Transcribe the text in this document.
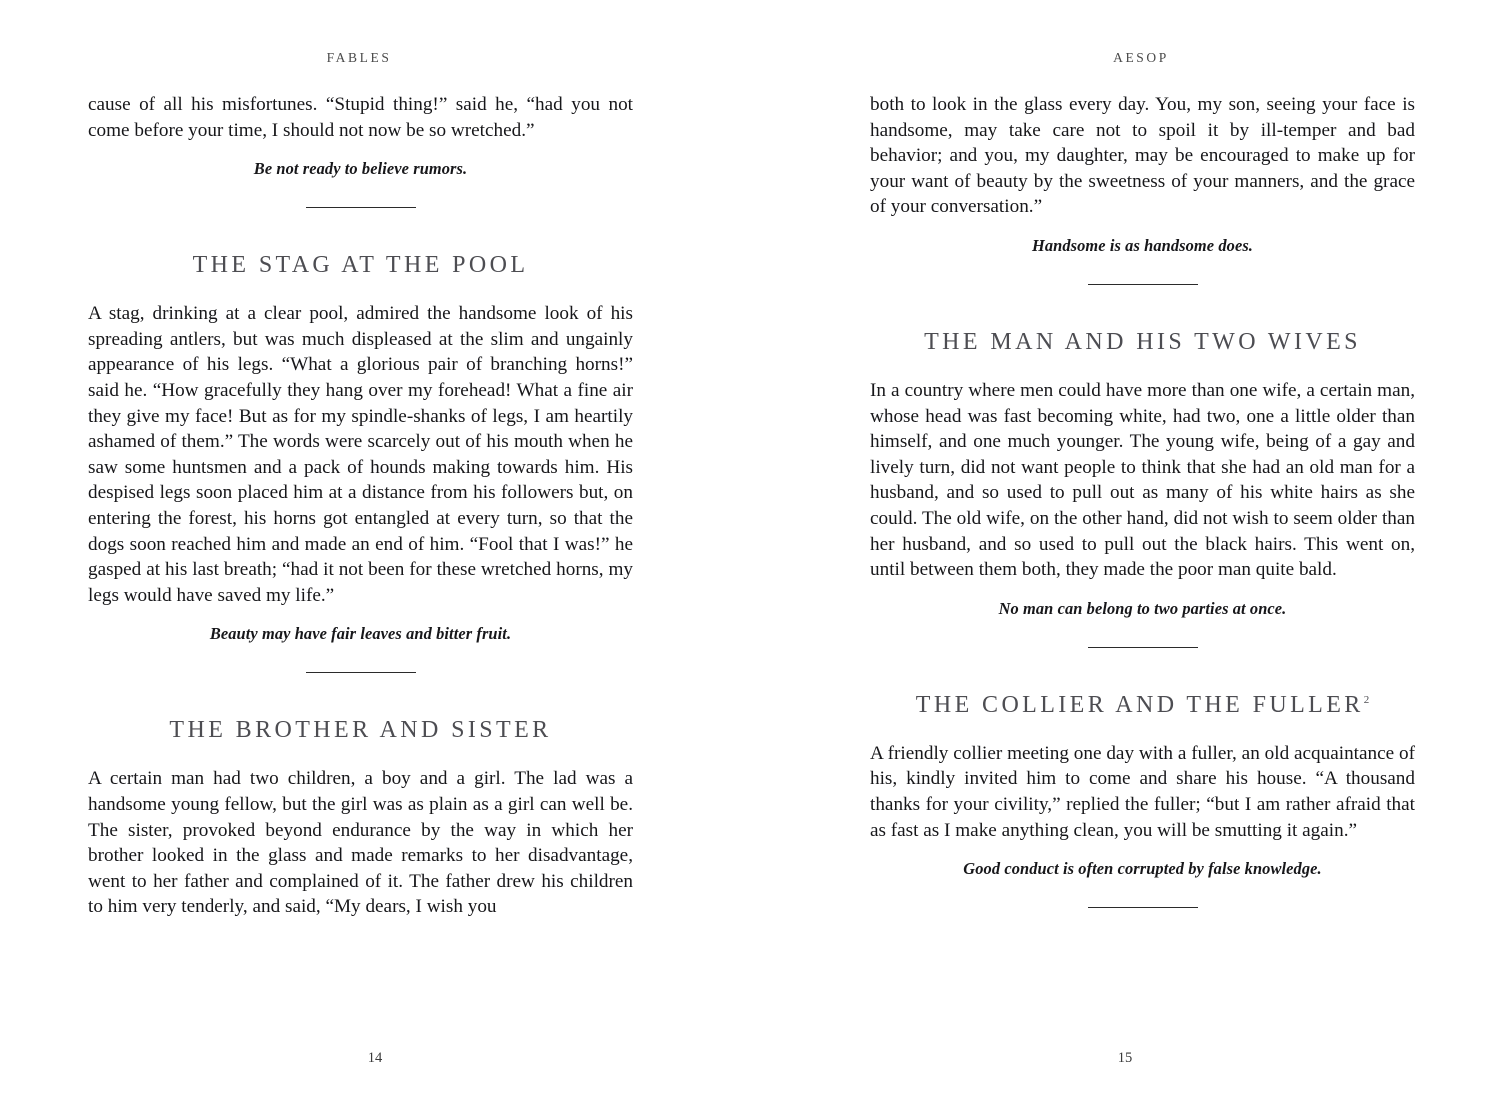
FABLES

cause of all his misfortunes. “Stupid thing!” said he, “had you not come before your time, I should not now be so wretched.”

Be not ready to believe rumors.

THE STAG AT THE POOL

A stag, drinking at a clear pool, admired the handsome look of his spreading antlers, but was much displeased at the slim and ungainly appearance of his legs. “What a glorious pair of branching horns!” said he. “How gracefully they hang over my forehead! What a fine air they give my face! But as for my spindle-shanks of legs, I am heartily ashamed of them.” The words were scarcely out of his mouth when he saw some huntsmen and a pack of hounds making towards him. His despised legs soon placed him at a distance from his followers but, on entering the forest, his horns got entangled at every turn, so that the dogs soon reached him and made an end of him. “Fool that I was!” he gasped at his last breath; “had it not been for these wretched horns, my legs would have saved my life.”

Beauty may have fair leaves and bitter fruit.

THE BROTHER AND SISTER

A certain man had two children, a boy and a girl. The lad was a handsome young fellow, but the girl was as plain as a girl can well be. The sister, provoked beyond endurance by the way in which her brother looked in the glass and made remarks to her disadvantage, went to her father and complained of it. The father drew his children to him very tenderly, and said, “My dears, I wish you

14
AESOP

both to look in the glass every day. You, my son, seeing your face is handsome, may take care not to spoil it by ill-temper and bad behavior; and you, my daughter, may be encouraged to make up for your want of beauty by the sweetness of your manners, and the grace of your conversation.”

Handsome is as handsome does.

THE MAN AND HIS TWO WIVES

In a country where men could have more than one wife, a certain man, whose head was fast becoming white, had two, one a little older than himself, and one much younger. The young wife, being of a gay and lively turn, did not want people to think that she had an old man for a husband, and so used to pull out as many of his white hairs as she could. The old wife, on the other hand, did not wish to seem older than her husband, and so used to pull out the black hairs. This went on, until between them both, they made the poor man quite bald.

No man can belong to two parties at once.

THE COLLIER AND THE FULLER$^2$

A friendly collier meeting one day with a fuller, an old acquaintance of his, kindly invited him to come and share his house. “A thousand thanks for your civility,” replied the fuller; “but I am rather afraid that as fast as I make anything clean, you will be smutting it again.”

Good conduct is often corrupted by false knowledge.

15
